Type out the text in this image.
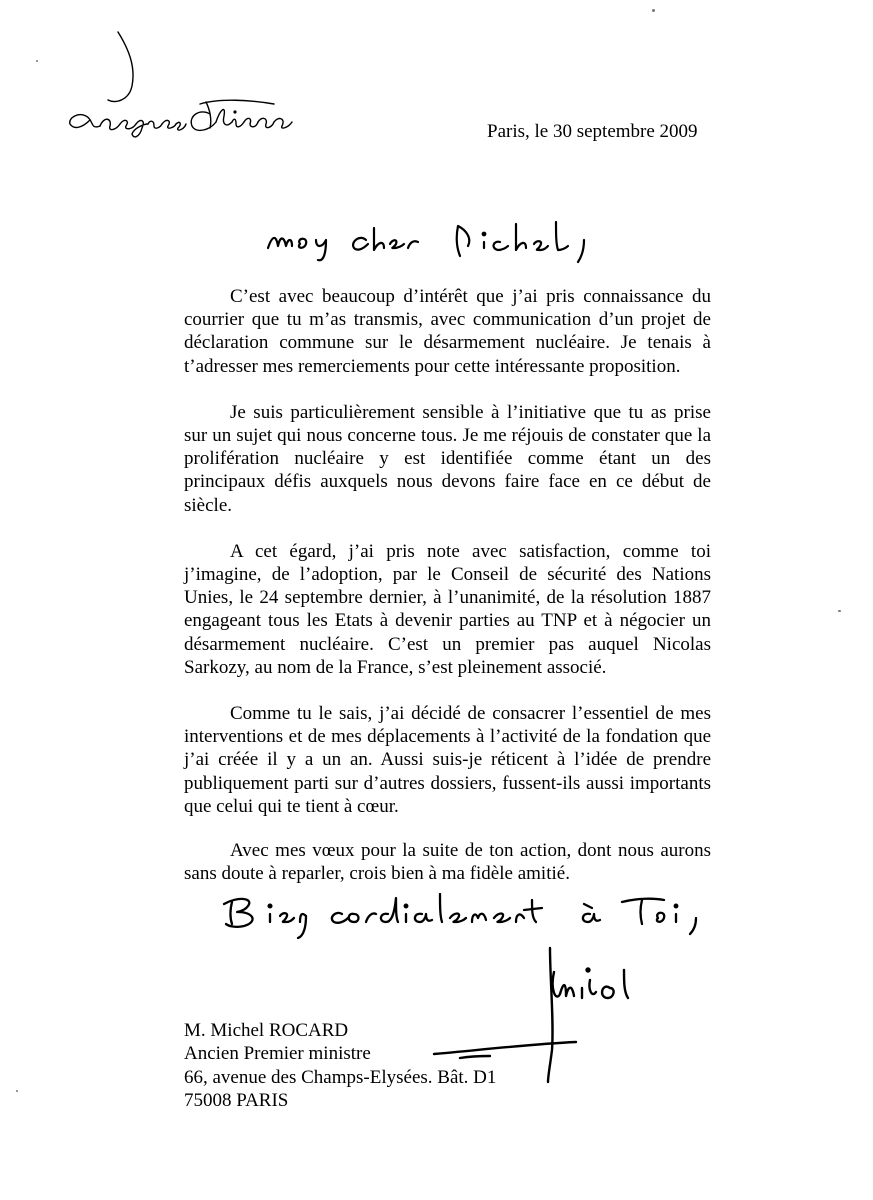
Paris, le 30 septembre 2009

C’est avec beaucoup d’intérêt que j’ai pris connaissance du courrier que tu m’as transmis, avec communication d’un projet de déclaration commune sur le désarmement nucléaire. Je tenais à t’adresser mes remerciements pour cette intéressante proposition.

Je suis particulièrement sensible à l’initiative que tu as prise sur un sujet qui nous concerne tous. Je me réjouis de constater que la prolifération nucléaire y est identifiée comme étant un des principaux défis auxquels nous devons faire face en ce début de siècle.

A cet égard, j’ai pris note avec satisfaction, comme toi j’imagine, de l’adoption, par le Conseil de sécurité des Nations Unies, le 24 septembre dernier, à l’unanimité, de la résolution 1887 engageant tous les Etats à devenir parties au TNP et à négocier un désarmement nucléaire. C’est un premier pas auquel Nicolas Sarkozy, au nom de la France, s’est pleinement associé.

Comme tu le sais, j’ai décidé de consacrer l’essentiel de mes interventions et de mes déplacements à l’activité de la fondation que j’ai créée il y a un an. Aussi suis-je réticent à l’idée de prendre publiquement parti sur d’autres dossiers, fussent-ils aussi importants que celui qui te tient à cœur.

Avec mes vœux pour la suite de ton action, dont nous aurons sans doute à reparler, crois bien à ma fidèle amitié.

M. Michel ROCARD
Ancien Premier ministre
66, avenue des Champs-Elysées. Bât. D1
75008 PARIS
